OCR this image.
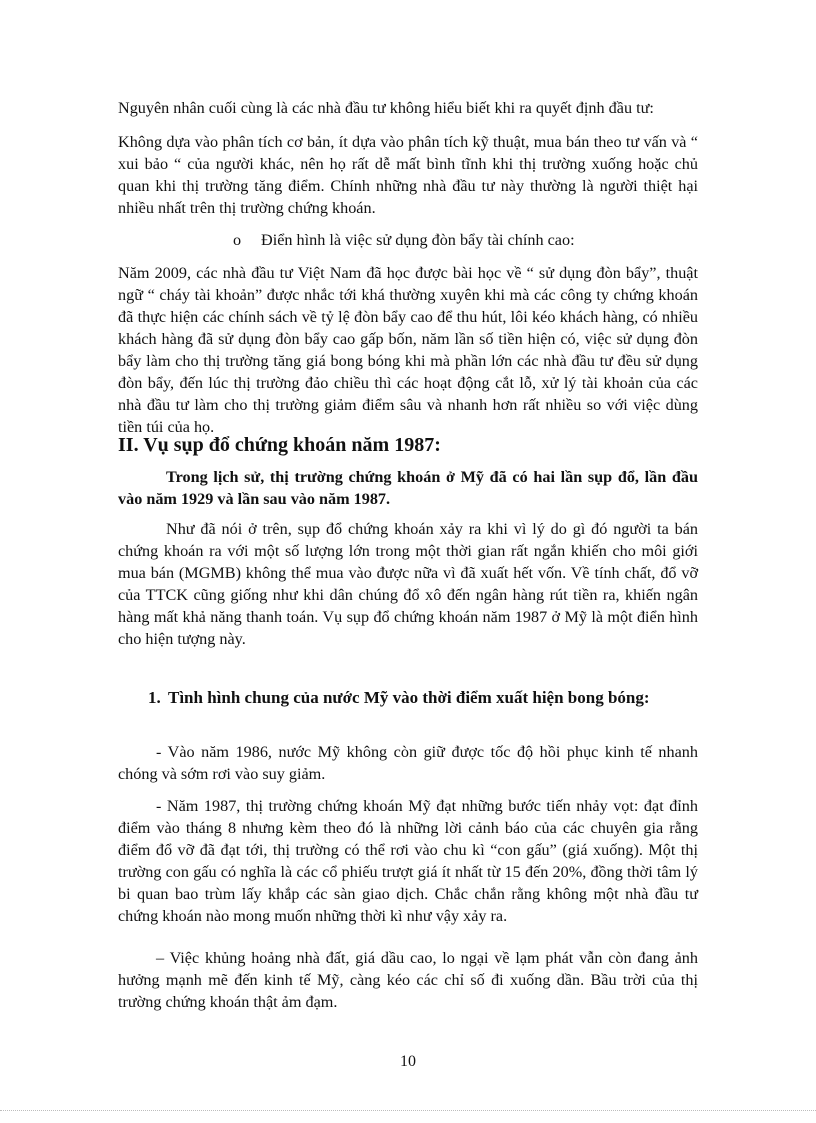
Nguyên nhân cuối cùng là các nhà đầu tư không hiểu biết khi ra quyết định đầu tư:

Không dựa vào phân tích cơ bản, ít dựa vào phân tích kỹ thuật, mua bán theo tư vấn và “ xui bảo “ của người khác, nên họ rất dễ mất bình tĩnh khi thị trường xuống hoặc chủ quan khi thị trường tăng điểm. Chính những nhà đầu tư này thường là người thiệt hại nhiều nhất trên thị trường chứng khoán.

o Điển hình là việc sử dụng đòn bẩy tài chính cao:

Năm 2009, các nhà đầu tư Việt Nam đã học được bài học về “ sử dụng đòn bẩy”, thuật ngữ “ cháy tài khoản” được nhắc tới khá thường xuyên khi mà các công ty chứng khoán đã thực hiện các chính sách về tỷ lệ đòn bẩy cao để thu hút, lôi kéo khách hàng, có nhiều khách hàng đã sử dụng đòn bẩy cao gấp bốn, năm lần số tiền hiện có, việc sử dụng đòn bẩy làm cho thị trường tăng giá bong bóng khi mà phần lớn các nhà đầu tư đều sử dụng đòn bẩy, đến lúc thị trường đảo chiều thì các hoạt động cắt lỗ, xử lý tài khoản của các nhà đầu tư làm cho thị trường giảm điểm sâu và nhanh hơn rất nhiều so với việc dùng tiền túi của họ.

II. Vụ sụp đổ chứng khoán năm 1987:

Trong lịch sử, thị trường chứng khoán ở Mỹ đã có hai lần sụp đổ, lần đầu vào năm 1929 và lần sau vào năm 1987.

Như đã nói ở trên, sụp đổ chứng khoán xảy ra khi vì lý do gì đó người ta bán chứng khoán ra với một số lượng lớn trong một thời gian rất ngắn khiến cho môi giới mua bán (MGMB) không thể mua vào được nữa vì đã xuất hết vốn. Về tính chất, đổ vỡ của TTCK cũng giống như khi dân chúng đổ xô đến ngân hàng rút tiền ra, khiến ngân hàng mất khả năng thanh toán. Vụ sụp đổ chứng khoán năm 1987 ở Mỹ là một điển hình cho hiện tượng này.

1. Tình hình chung của nước Mỹ vào thời điểm xuất hiện bong bóng:

- Vào năm 1986, nước Mỹ không còn giữ được tốc độ hồi phục kinh tế nhanh chóng và sớm rơi vào suy giảm.

- Năm 1987, thị trường chứng khoán Mỹ đạt những bước tiến nhảy vọt: đạt đỉnh điểm vào tháng 8 nhưng kèm theo đó là những lời cảnh báo của các chuyên gia rằng điểm đổ vỡ đã đạt tới, thị trường có thể rơi vào chu kì “con gấu” (giá xuống). Một thị trường con gấu có nghĩa là các cổ phiếu trượt giá ít nhất từ 15 đến 20%, đồng thời tâm lý bi quan bao trùm lấy khắp các sàn giao dịch. Chắc chắn rằng không một nhà đầu tư chứng khoán nào mong muốn những thời kì như vậy xảy ra.

– Việc khủng hoảng nhà đất, giá dầu cao, lo ngại về lạm phát vẫn còn đang ảnh hưởng mạnh mẽ đến kinh tế Mỹ, càng kéo các chỉ số đi xuống dần. Bầu trời của thị trường chứng khoán thật ảm đạm.

10
